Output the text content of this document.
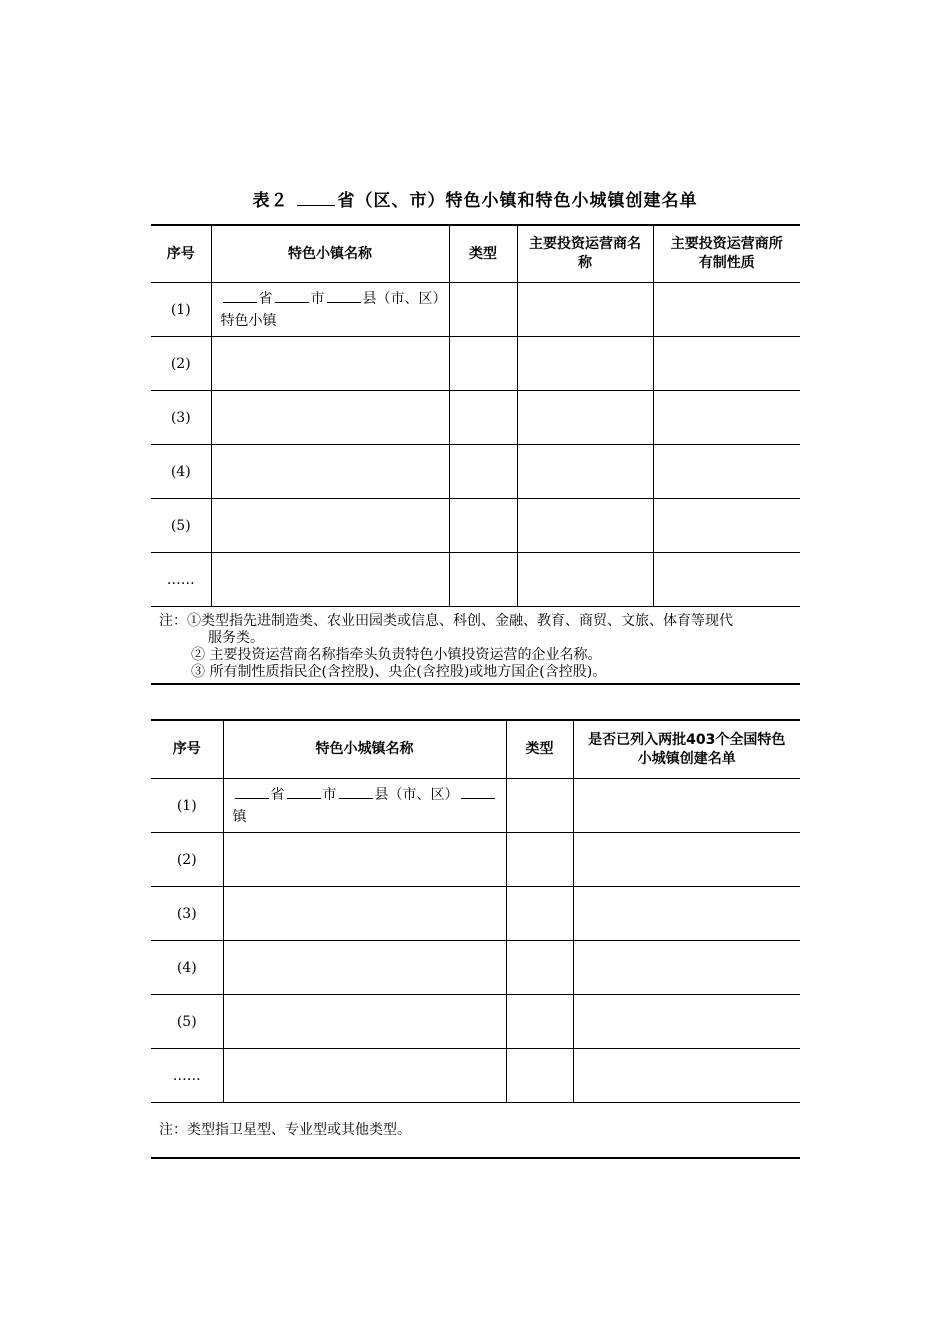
表２	省（区、市）特色小镇和特色小城镇创建名单
序号	特色小镇名称	类型	主要投资运营商名称	主要投资运营商所有制性质

(1)	省 市 县（市、区）
特色小镇			
(2)				
(3)				
(4)				
(5)				
……				

注：①类型指先进制造类、农业田园类或信息、科创、金融、教育、商贸、文旅、体育等现代
服务类。
② 主要投资运营商名称指牵头负责特色小镇投资运营的企业名称。
③ 所有制性质指民企(含控股)、央企(含控股)或地方国企(含控股)。				
序号	特色小城镇名称	类型	是否已列入两批403个全国特色小城镇创建名单

(1)	省 市 县（市、区）镇		
(2)			
(3)			
(4)			
(5)			
……			
注：类型指卫星型、专业型或其他类型。			
